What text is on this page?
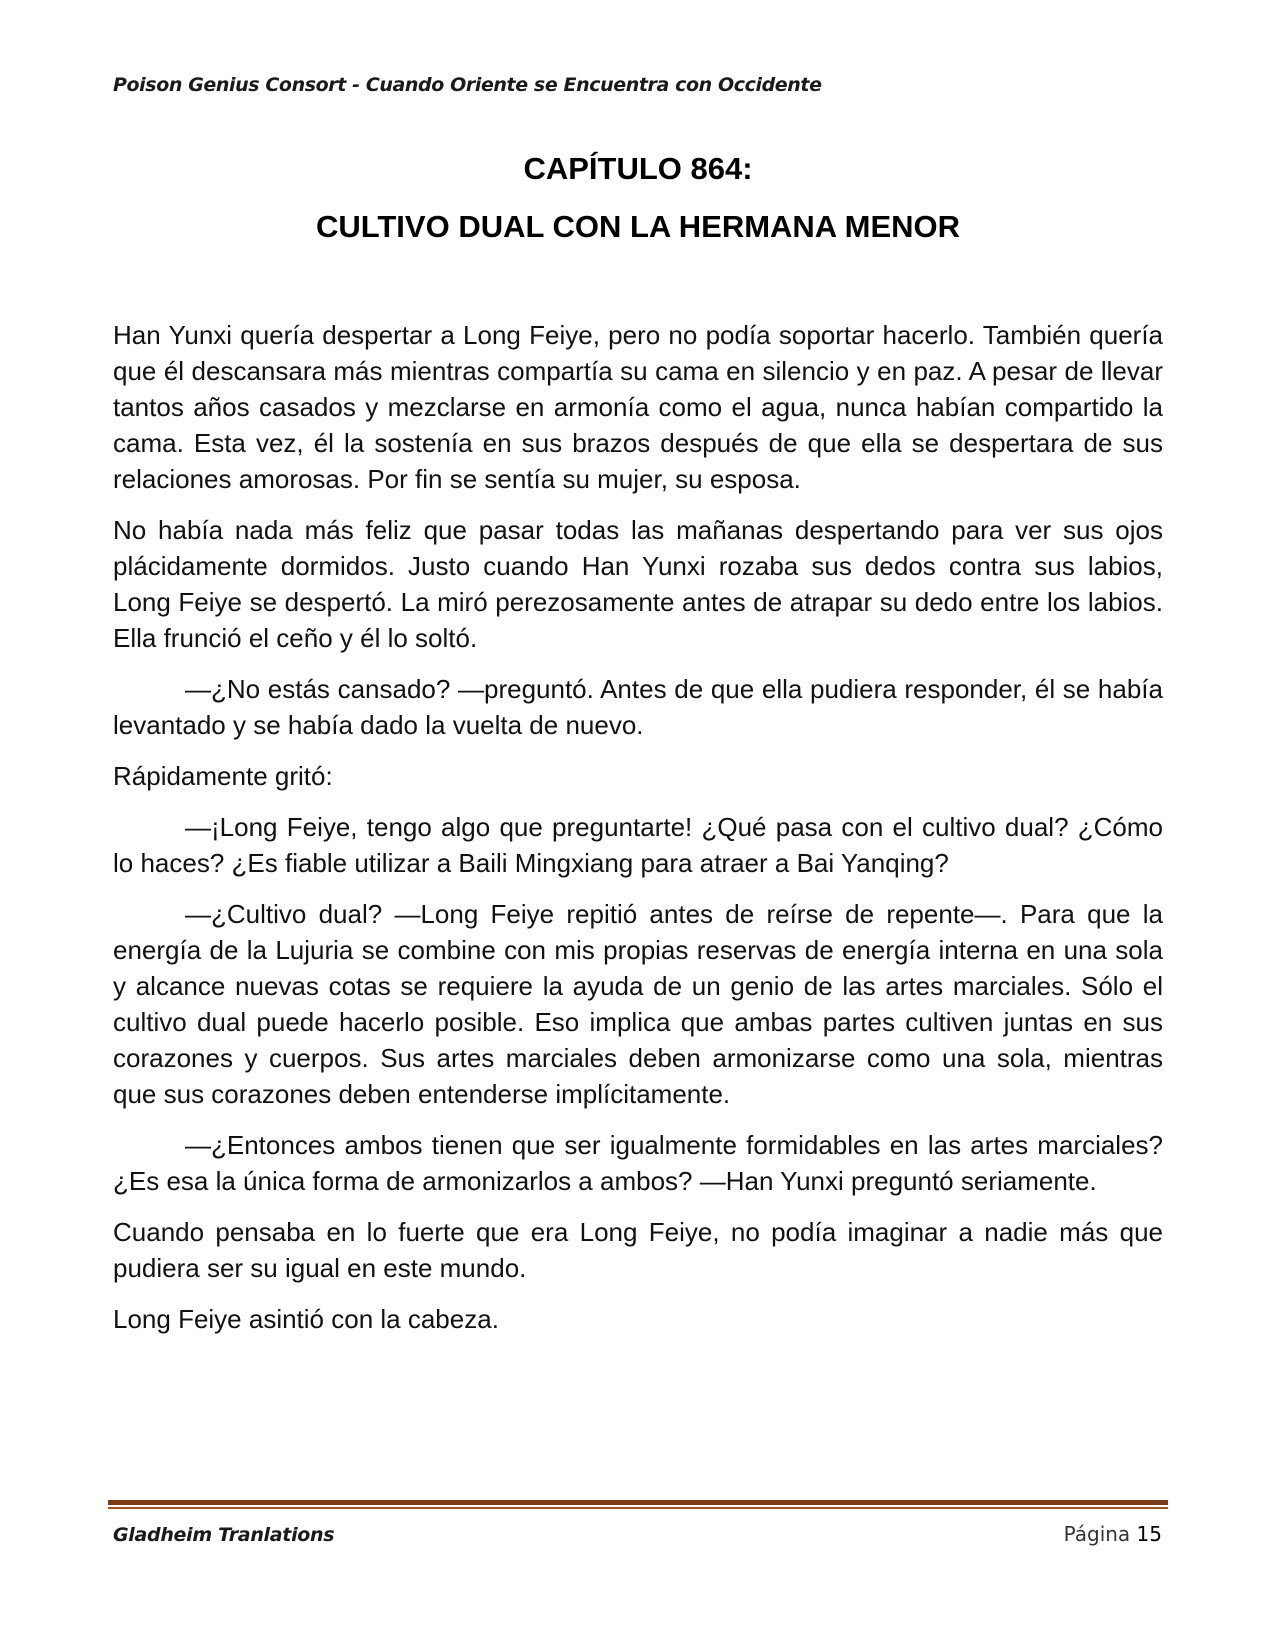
Poison Genius Consort - Cuando Oriente se Encuentra con Occidente
CAPÍTULO 864:
CULTIVO DUAL CON LA HERMANA MENOR

Han Yunxi quería despertar a Long Feiye, pero no podía soportar hacerlo. También quería que él descansara más mientras compartía su cama en silencio y en paz. A pesar de llevar tantos años casados y mezclarse en armonía como el agua, nunca habían compartido la cama. Esta vez, él la sostenía en sus brazos después de que ella se despertara de sus relaciones amorosas. Por fin se sentía su mujer, su esposa.

No había nada más feliz que pasar todas las mañanas despertando para ver sus ojos plácidamente dormidos. Justo cuando Han Yunxi rozaba sus dedos contra sus labios, Long Feiye se despertó. La miró perezosamente antes de atrapar su dedo entre los labios. Ella frunció el ceño y él lo soltó.

—¿No estás cansado? —preguntó. Antes de que ella pudiera responder, él se había levantado y se había dado la vuelta de nuevo.

Rápidamente gritó:

—¡Long Feiye, tengo algo que preguntarte! ¿Qué pasa con el cultivo dual? ¿Cómo lo haces? ¿Es fiable utilizar a Baili Mingxiang para atraer a Bai Yanqing?

—¿Cultivo dual? —Long Feiye repitió antes de reírse de repente—. Para que la energía de la Lujuria se combine con mis propias reservas de energía interna en una sola y alcance nuevas cotas se requiere la ayuda de un genio de las artes marciales. Sólo el cultivo dual puede hacerlo posible. Eso implica que ambas partes cultiven juntas en sus corazones y cuerpos. Sus artes marciales deben armonizarse como una sola, mientras que sus corazones deben entenderse implícitamente.

—¿Entonces ambos tienen que ser igualmente formidables en las artes marciales? ¿Es esa la única forma de armonizarlos a ambos? —Han Yunxi preguntó seriamente.

Cuando pensaba en lo fuerte que era Long Feiye, no podía imaginar a nadie más que pudiera ser su igual en este mundo.

Long Feiye asintió con la cabeza.

Gladheim Tranlations	Página 15
